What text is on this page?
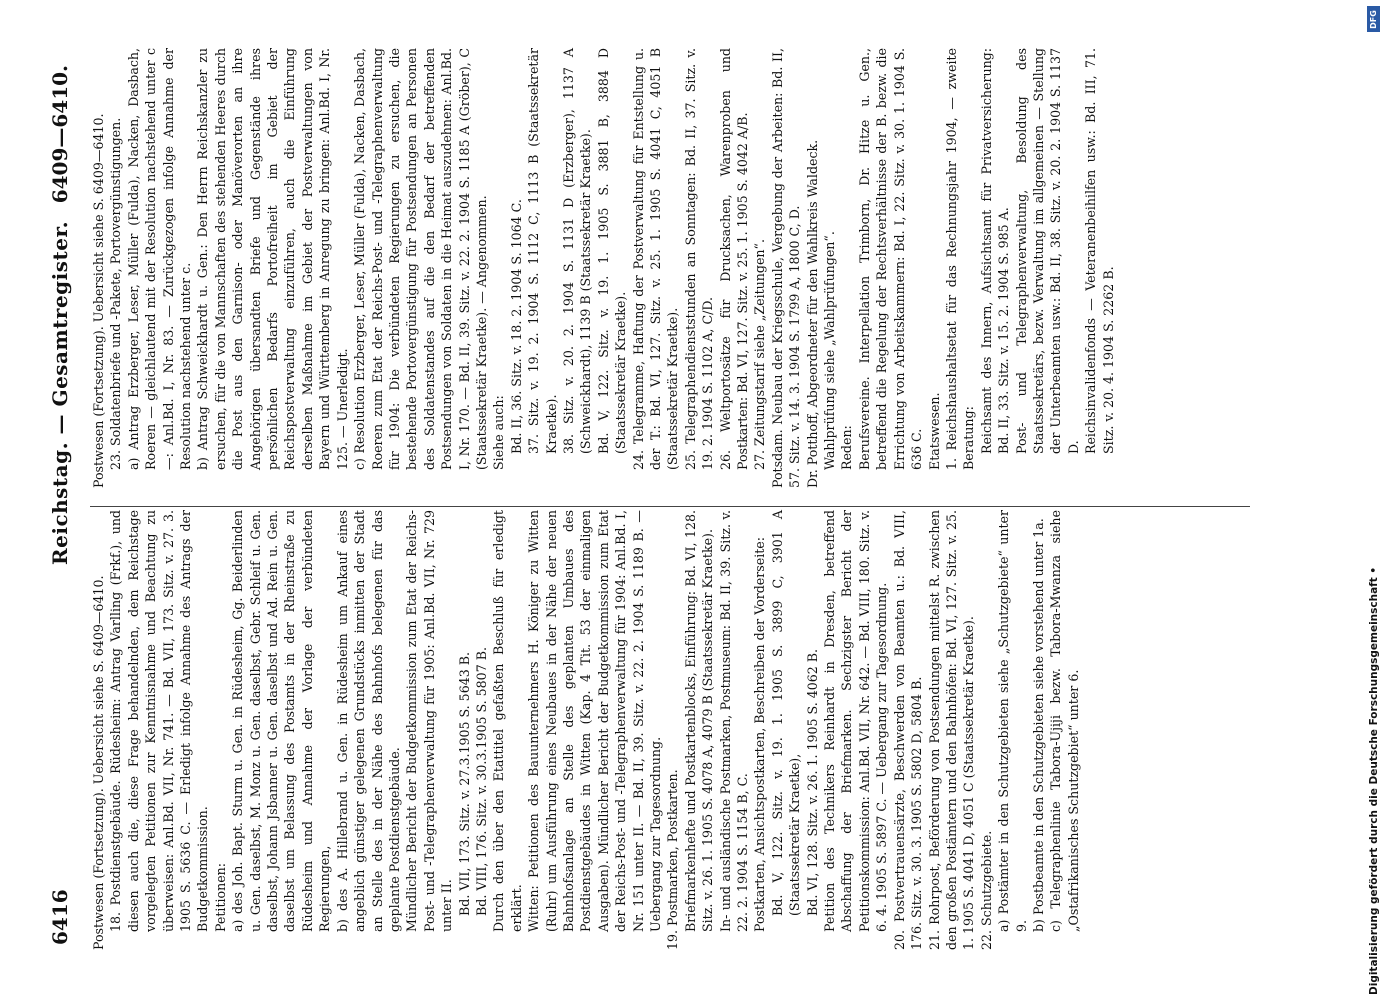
6416
Reichstag. — Gesamtregister.
6409—6410.

Postwesen (Fortsetzung). Uebersicht siehe S. 6409—6410. 18. Postdienstgebäude. Rüdesheim: Antrag Varlling (Frkf.), und diesen auch die, diese Frage behandelnden, dem Reichstage vorgelegten Petitionen zur Kenntnisnahme und Beachtung zu überweisen: Anl.Bd. VII, Nr. 741. — Bd. VII, 173. Sitz. v. 27. 3. 1905 S. 5636 C. — Erledigt infolge Annahme des Antrags der Budgetkommission. Petitionen: a) des Joh. Bapt. Sturm u. Gen. in Rüdesheim, Gg. Beiderlinden u. Gen. daselbst, M. Monz u. Gen. daselbst, Gebr. Schleif u. Gen. daselbst, Johann Jsbanner u. Gen. daselbst und Ad. Rein u. Gen. daselbst um Belassung des Postamts in der Rheinstraße zu Rüdesheim und Annahme der Vorlage der verbündeten Regierungen, b) des A. Hillebrand u. Gen. in Rüdesheim um Ankauf eines angeblich günstiger gelegenen Grundstücks inmitten der Stadt an Stelle des in der Nähe des Bahnhofs belegenen für das geplante Postdienstgebäude. Mündlicher Bericht der Budgetkommission zum Etat der Reichs-Post- und -Telegraphenverwaltung für 1905: Anl.Bd. VII, Nr. 729 unter II. Bd. VII, 173. Sitz. v. 27.3.1905 S. 5643 B. Bd. VIII, 176. Sitz. v. 30.3.1905 S. 5807 B. Durch den über den Etattitel gefaßten Beschluß für erledigt erklärt. Witten: Petitionen des Bauunternehmers H. Königer zu Witten (Ruhr) um Ausführung eines Neubaues in der Nähe der neuen Bahnhofsanlage an Stelle des geplanten Umbaues des Postdienstgebäudes in Witten (Kap. 4 Tit. 53 der einmaligen Ausgaben). Mündlicher Bericht der Budgetkommission zum Etat der Reichs-Post- und -Telegraphenverwaltung für 1904: Anl.Bd. I, Nr. 151 unter II. — Bd. II, 39. Sitz. v. 22. 2. 1904 S. 1189 B. — Uebergang zur Tagesordnung. 19. Postmarken, Postkarten. Briefmarkenhefte und Postkartenblocks, Einführung: Bd. VI, 128. Sitz. v. 26. 1. 1905 S. 4078 A, 4079 B (Staatssekretär Kraetke). In- und ausländische Postmarken, Postmuseum: Bd. II, 39. Sitz. v. 22. 2. 1904 S. 1154 B, C. Postkarten, Ansichtspostkarten, Beschreiben der Vorderseite: Bd. V, 122. Sitz. v. 19. 1. 1905 S. 3899 C, 3901 A (Staatssekretär Kraetke), Bd. VI, 128. Sitz. v. 26. 1. 1905 S. 4062 B. Petition des Technikers Reinhardt in Dresden, betreffend Abschaffung der Briefmarken. Sechzigster Bericht der Petitionskommission: Anl.Bd. VII, Nr. 642. — Bd. VIII, 180. Sitz. v. 6. 4. 1905 S. 5897 C. — Uebergang zur Tagesordnung. 20. Postvertrauensärzte, Beschwerden von Beamten u.: Bd. VIII, 176. Sitz. v. 30. 3. 1905 S. 5802 D, 5804 B. 21. Rohrpost, Beförderung von Postsendungen mittelst R. zwischen den großen Postämtern und den Bahnhöfen: Bd. VI, 127. Sitz. v. 25. 1. 1905 S. 4041 D, 4051 C (Staatssekretär Kraetke). 22. Schutzgebiete. a) Postämter in den Schutzgebieten siehe „Schutzgebiete“ unter 9. b) Postbeamte in den Schutzgebieten siehe vorstehend unter 1a. c) Telegraphenlinie Tabora-Ujiji bezw. Tabora-Mwanza siehe „Ostafrikanisches Schutzgebiet“ unter 6.

Postwesen (Fortsetzung). Uebersicht siehe S. 6409—6410. 23. Soldatenbriefe und -Pakete, Portovergünstigungen. a) Antrag Erzberger, Leser, Müller (Fulda), Nacken, Dasbach, Roeren — gleichlautend mit der Resolution nachstehend unter c —: Anl.Bd. I, Nr. 83. — Zurückgezogen infolge Annahme der Resolution nachstehend unter c. b) Antrag Schweickhardt u. Gen.: Den Herrn Reichskanzler zu ersuchen, für die von Mannschaften des stehenden Heeres durch die Post aus den Garnison- oder Manöverorten an ihre Angehörigen übersandten Briefe und Gegenstände ihres persönlichen Bedarfs Portofreiheit im Gebiet der Reichspostverwaltung einzuführen, auch die Einführung derselben Maßnahme im Gebiet der Postverwaltungen von Bayern und Württemberg in Anregung zu bringen: Anl.Bd. I, Nr. 125. — Unerledigt. c) Resolution Erzberger, Leser, Müller (Fulda), Nacken, Dasbach, Roeren zum Etat der Reichs-Post- und -Telegraphenverwaltung für 1904: Die verbündeten Regierungen zu ersuchen, die bestehende Portovergünstigung für Postsendungen an Personen des Soldatenstandes auf die den Bedarf der betreffenden Postsendungen von Soldaten in die Heimat auszudehnen: Anl.Bd. I, Nr. 170. — Bd. II, 39. Sitz. v. 22. 2. 1904 S. 1185 A (Gröber), C (Staatssekretär Kraetke). — Angenommen. Siehe auch: Bd. II, 36. Sitz. v. 18. 2. 1904 S. 1064 C. 37. Sitz. v. 19. 2. 1904 S. 1112 C, 1113 B (Staatssekretär Kraetke). 38. Sitz. v. 20. 2. 1904 S. 1131 D (Erzberger), 1137 A (Schweickhardt), 1139 B (Staatssekretär Kraetke). Bd. V, 122. Sitz. v. 19. 1. 1905 S. 3881 B, 3884 D (Staatssekretär Kraetke). 24. Telegramme, Haftung der Postverwaltung für Entstellung u. der T.: Bd. VI, 127. Sitz. v. 25. 1. 1905 S. 4041 C, 4051 B (Staatssekretär Kraetke). 25. Telegraphendienststunden an Sonntagen: Bd. II, 37. Sitz. v. 19. 2. 1904 S. 1102 A, C/D. 26. Weltportosätze für Drucksachen, Warenproben und Postkarten: Bd. VI, 127. Sitz. v. 25. 1. 1905 S. 4042 A/B. 27. Zeitungstarif siehe „Zeitungen“. Potsdam. Neubau der Kriegsschule, Vergebung der Arbeiten: Bd. II, 57. Sitz. v. 14. 3. 1904 S. 1799 A, 1800 C, D. Dr. Potthoff, Abgeordneter für den Wahlkreis Waldeck. Wahlprüfung siehe „Wahlprüfungen“. Reden: Berufsvereine. Interpellation Trimborn, Dr. Hitze u. Gen., betreffend die Regelung der Rechtsverhältnisse der B. bezw. die Errichtung von Arbeitskammern: Bd. I, 22. Sitz. v. 30. 1. 1904 S. 636 C. Etatswesen. 1. Reichshaushaltsetat für das Rechnungsjahr 1904, — zweite Beratung: Reichsamt des Innern, Aufsichtsamt für Privatversicherung: Bd. II, 33. Sitz. v. 15. 2. 1904 S. 985 A. Post- und Telegraphenverwaltung, Besoldung des Staatssekretärs, bezw. Verwaltung im allgemeinen — Stellung der Unterbeamten usw.: Bd. II, 38. Sitz. v. 20. 2. 1904 S. 1137 D. Reichsinvalidenfonds — Veteranenbeihilfen usw.: Bd. III, 71. Sitz. v. 20. 4. 1904 S. 2262 B.

Digitalisierung gefördert durch die Deutsche Forschungsgemeinschaft •
DFG
